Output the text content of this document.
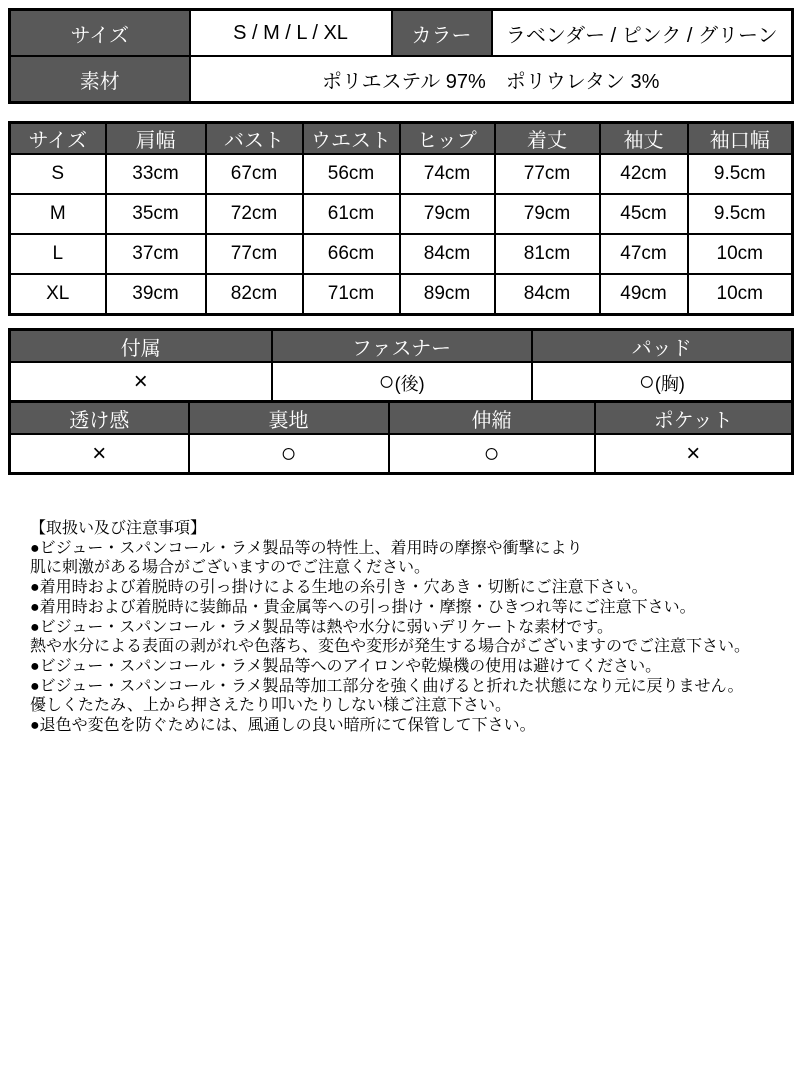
サイズ	S / M / L / XL	カラー	ラベンダー / ピンク / グリーン
素材	ポリエステル 97%　ポリウレタン 3%		
サイズ	肩幅	バスト	ウエスト	ヒップ	着丈	袖丈	袖口幅
S	33cm	67cm	56cm	74cm	77cm	42cm	9.5cm
M	35cm	72cm	61cm	79cm	79cm	45cm	9.5cm
L	37cm	77cm	66cm	84cm	81cm	47cm	10cm
XL	39cm	82cm	71cm	89cm	84cm	49cm	10cm
付属	ファスナー	パッド
×	○(後)	○(胸)
透け感	裏地	伸縮	ポケット
×	○	○	×
【取扱い及び注意事項】
●ビジュー・スパンコール・ラメ製品等の特性上、着用時の摩擦や衝撃により
肌に刺激がある場合がございますのでご注意ください。
●着用時および着脱時の引っ掛けによる生地の糸引き・穴あき・切断にご注意下さい。
●着用時および着脱時に装飾品・貴金属等への引っ掛け・摩擦・ひきつれ等にご注意下さい。
●ビジュー・スパンコール・ラメ製品等は熱や水分に弱いデリケートな素材です。
熱や水分による表面の剥がれや色落ち、変色や変形が発生する場合がございますのでご注意下さい。
●ビジュー・スパンコール・ラメ製品等へのアイロンや乾燥機の使用は避けてください。
●ビジュー・スパンコール・ラメ製品等加工部分を強く曲げると折れた状態になり元に戻りません。
優しくたたみ、上から押さえたり叩いたりしない様ご注意下さい。
●退色や変色を防ぐためには、風通しの良い暗所にて保管して下さい。
